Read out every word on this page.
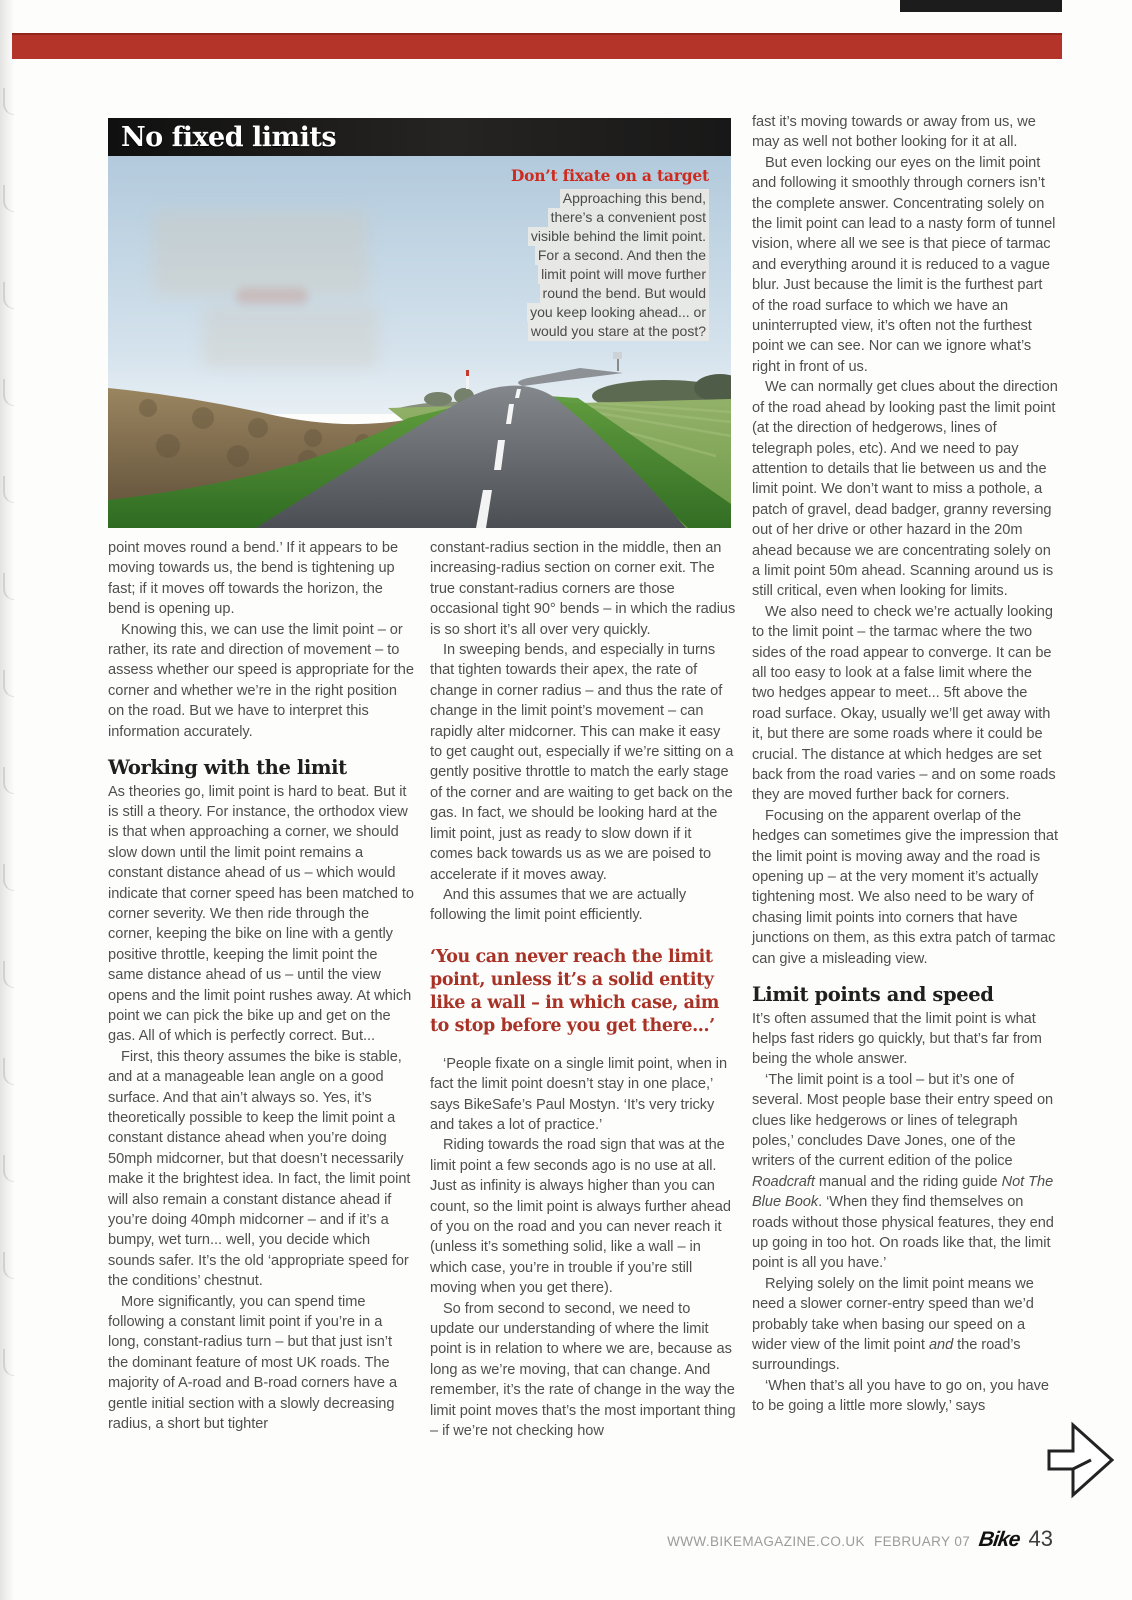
No fixed limits
Don’t fixate on a target
Approaching this bend,
there’s a convenient post
visible behind the limit point.
For a second. And then the
limit point will move further
round the bend. But would
you keep looking ahead... or
would you stare at the post?

point moves round a bend.’ If it appears to be moving towards us, the bend is tightening up fast; if it moves off towards the horizon, the bend is opening up.

Knowing this, we can use the limit point – or rather, its rate and direction of movement – to assess whether our speed is appropriate for the corner and whether we’re in the right position on the road. But we have to interpret this information accurately.

Working with the limit

As theories go, limit point is hard to beat. But it is still a theory. For instance, the orthodox view is that when approaching a corner, we should slow down until the limit point remains a constant distance ahead of us – which would indicate that corner speed has been matched to corner severity. We then ride through the corner, keeping the bike on line with a gently positive throttle, keeping the limit point the same distance ahead of us – until the view opens and the limit point rushes away. At which point we can pick the bike up and get on the gas. All of which is perfectly correct. But...

First, this theory assumes the bike is stable, and at a manageable lean angle on a good surface. And that ain’t always so. Yes, it’s theoretically possible to keep the limit point a constant distance ahead when you’re doing 50mph midcorner, but that doesn’t necessarily make it the brightest idea. In fact, the limit point will also remain a constant distance ahead if you’re doing 40mph midcorner – and if it’s a bumpy, wet turn... well, you decide which sounds safer. It’s the old ‘appropriate speed for the conditions’ chestnut.

More significantly, you can spend time following a constant limit point if you’re in a long, constant-radius turn – but that just isn’t the dominant feature of most UK roads. The majority of A-road and B-road corners have a gentle initial section with a slowly decreasing radius, a short but tighter

constant-radius section in the middle, then an increasing-radius section on corner exit. The true constant-radius corners are those occasional tight 90° bends – in which the radius is so short it’s all over very quickly.

In sweeping bends, and especially in turns that tighten towards their apex, the rate of change in corner radius – and thus the rate of change in the limit point’s movement – can rapidly alter midcorner. This can make it easy to get caught out, especially if we’re sitting on a gently positive throttle to match the early stage of the corner and are waiting to get back on the gas. In fact, we should be looking hard at the limit point, just as ready to slow down if it comes back towards us as we are poised to accelerate if it moves away.

And this assumes that we are actually following the limit point efficiently.

‘You can never reach the limit point, unless it’s a solid entity like a wall – in which case, aim to stop before you get there...’

‘People fixate on a single limit point, when in fact the limit point doesn’t stay in one place,’ says BikeSafe’s Paul Mostyn. ‘It’s very tricky and takes a lot of practice.’

Riding towards the road sign that was at the limit point a few seconds ago is no use at all. Just as infinity is always higher than you can count, so the limit point is always further ahead of you on the road and you can never reach it (unless it’s something solid, like a wall – in which case, you’re in trouble if you’re still moving when you get there).

So from second to second, we need to update our understanding of where the limit point is in relation to where we are, because as long as we’re moving, that can change. And remember, it’s the rate of change in the way the limit point moves that’s the most important thing – if we’re not checking how

fast it’s moving towards or away from us, we may as well not bother looking for it at all.

But even locking our eyes on the limit point and following it smoothly through corners isn’t the complete answer. Concentrating solely on the limit point can lead to a nasty form of tunnel vision, where all we see is that piece of tarmac and everything around it is reduced to a vague blur. Just because the limit is the furthest part of the road surface to which we have an uninterrupted view, it’s often not the furthest point we can see. Nor can we ignore what’s right in front of us.

We can normally get clues about the direction of the road ahead by looking past the limit point (at the direction of hedgerows, lines of telegraph poles, etc). And we need to pay attention to details that lie between us and the limit point. We don’t want to miss a pothole, a patch of gravel, dead badger, granny reversing out of her drive or other hazard in the 20m ahead because we are concentrating solely on a limit point 50m ahead. Scanning around us is still critical, even when looking for limits.

We also need to check we’re actually looking to the limit point – the tarmac where the two sides of the road appear to converge. It can be all too easy to look at a false limit where the two hedges appear to meet... 5ft above the road surface. Okay, usually we’ll get away with it, but there are some roads where it could be crucial. The distance at which hedges are set back from the road varies – and on some roads they are moved further back for corners.

Focusing on the apparent overlap of the hedges can sometimes give the impression that the limit point is moving away and the road is opening up – at the very moment it’s actually tightening most. We also need to be wary of chasing limit points into corners that have junctions on them, as this extra patch of tarmac can give a misleading view.

Limit points and speed

It’s often assumed that the limit point is what helps fast riders go quickly, but that’s far from being the whole answer.

‘The limit point is a tool – but it’s one of several. Most people base their entry speed on clues like hedgerows or lines of telegraph poles,’ concludes Dave Jones, one of the writers of the current edition of the police Roadcraft manual and the riding guide Not The Blue Book. ‘When they find themselves on roads without those physical features, they end up going in too hot. On roads like that, the limit point is all you have.’

Relying solely on the limit point means we need a slower corner-entry speed than we’d probably take when basing our speed on a wider view of the limit point and the road’s surroundings.

‘When that’s all you have to go on, you have to be going a little more slowly,’ says

WWW.BIKEMAGAZINE.CO.UK FEBRUARY 07 Bike 43
